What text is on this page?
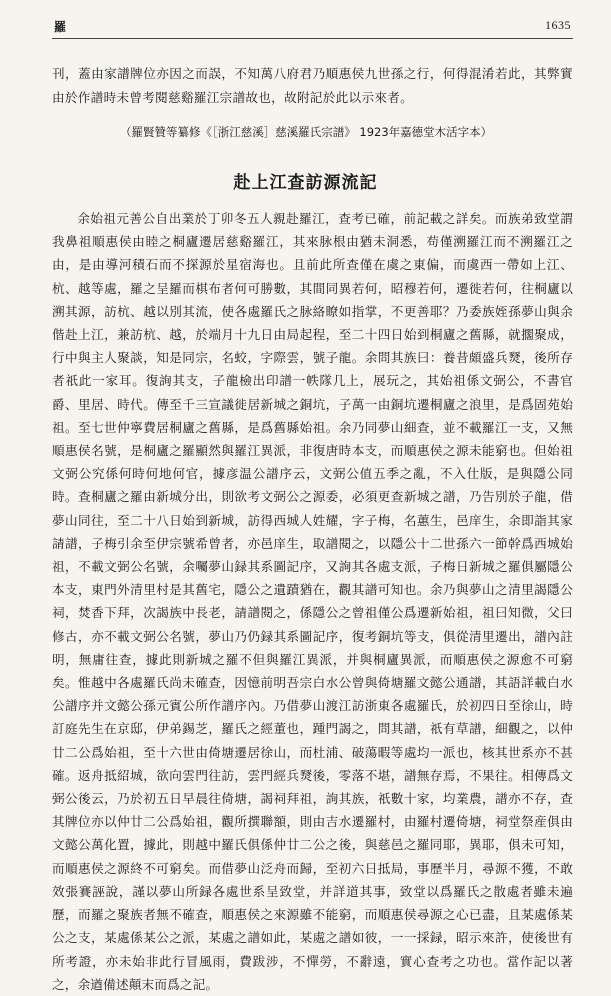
羅	1635
刊，蓋由家譜牌位亦因之而誤，不知萬八府君乃順惠侯九世孫之行，何得混淆若此，其弊實由於作譜時未曾考閱慈谿羅江宗譜故也，故附記於此以示來者。
（羅賢贊等纂修《［浙江慈溪］慈溪羅氏宗譜》 1923年嘉德堂木活字本）
赴上江查訪源流記

余始祖元善公自出業於丁卯冬五人親赴羅江，查考已確，前記載之詳矣。而族弟致堂謂我鼻祖順惠侯由睦之桐廬遷居慈谿羅江，其來脉根由猶未洞悉，苟僅溯羅江而不溯羅江之由，是由導河積石而不探源於星宿海也。且前此所查僅在虞之東偏，而虞西一帶如上江、杭、越等處，羅之呈羅而棋布者何可勝數，其間同異若何，昭穆若何，遷徙若何，往桐廬以溯其源，訪杭、越以別其流，使各處羅氏之脉絡瞭如指掌，不更善耶？乃委族姪孫夢山與余偕赴上江，兼訪杭、越，於端月十九日由局起程，至二十四日始到桐廬之舊縣，就擱聚成，行中與主人聚談，知是同宗，名蛟，字際雲，號子龍。余問其族曰：養昔頗盛兵燹，後所存者祇此一家耳。復詢其支，子龍檢出印譜一帙隊几上，展玩之，其始祖係文弼公，不書官爵、里居、時代。傳至千三宣議徙居新城之銅坑，子萬一由銅坑遷桐廬之浪里，是爲固苑始祖。至七世仲寧費居桐廬之舊縣，是爲舊縣始祖。余乃同夢山細查，並不載羅江一支，又無順惠侯名號，是桐廬之羅顯然與羅江異派，非復唐時本支，而順惠侯之源未能窮也。但始祖文弼公究係何時何地何官，據彦温公譜序云，文弼公值五季之亂，不入仕版，是與隱公同時。查桐廬之羅由新城分出，則欲考文弼公之源委，必須更查新城之譜，乃告別於子龍，借夢山同往，至二十八日始到新城，訪得西城人姓耀，字子梅，名蕙生，邑庠生，余即詣其家請譜，子梅引余至伊宗號希曾者，亦邑庠生，取譜閱之，以隱公十二世孫六一節幹爲西城始祖，不載文弼公名號，余囑夢山録其系圖記序，又詢其各處支派，子梅日新城之羅俱屬隱公本支，東門外清里村是其舊宅，隱公之遺蹟猶在，觀其譜可知也。余乃與夢山之清里謁隱公祠，焚香下拜，次謁族中長老，請譜閱之，係隱公之曾祖僅公爲遷新始祖，祖曰知微，父曰修古，亦不載文弼公名號，夢山乃仍録其系圖記序，復考銅坑等支，俱從清里遷出，譜內註明，無庸往查，據此則新城之羅不但與羅江異派，并與桐廬異派，而順惠侯之源愈不可窮矣。惟越中各處羅氏尚未確查，因憶前明吾宗白水公曾與倚塘羅文懿公通譜，其語詳載白水公譜序并文懿公孫元賓公所作譜序內。乃借夢山渡江訪浙東各處羅氏，於初四日至徐山，時訂庭先生在京邸，伊弟錫芝，羅氏之經董也，踵門謁之，問其譜，祇有草譜，細觀之，以仲廿二公爲始祖，至十六世由倚塘遷居徐山，而杜浦、破蕩暇等處均一派也，核其世系亦不甚確。返舟抵紹城，欲向雲門往訪，雲門經兵燹後，零落不堪，譜無存焉，不果往。相傳爲文弼公後云，乃於初五日早晨往倚塘，謁祠拜祖，詢其族，祇數十家，均業農，譜亦不存，查其牌位亦以仲廿二公爲始祖，觀所撰聯額，則由吉水遷羅村，由羅村遷倚塘，祠堂祭産俱由文懿公萬化置，據此，則越中羅氏俱係仲廿二公之後，與慈邑之羅同耶，異耶，俱未可知，而順惠侯之源終不可窮矣。而借夢山泛舟而歸，至初六日抵局，事歷半月，尋源不獲，不敢效張賽誣說，謹以夢山所録各處世系呈致堂，并詳道其事，致堂以爲羅氏之散處者雖未遍歷，而羅之聚族者無不確查，順惠侯之來源雖不能窮，而順惠侯尋源之心已盡，且某處係某公之支，某處係某公之派，某處之譜如此，某處之譜如彼，一一採録，昭示來許，使後世有所考證，亦未始非此行冒風雨，費跋涉，不憚勞，不辭遠，實心查考之功也。當作記以著之，余遒備述顛末而爲之記。
